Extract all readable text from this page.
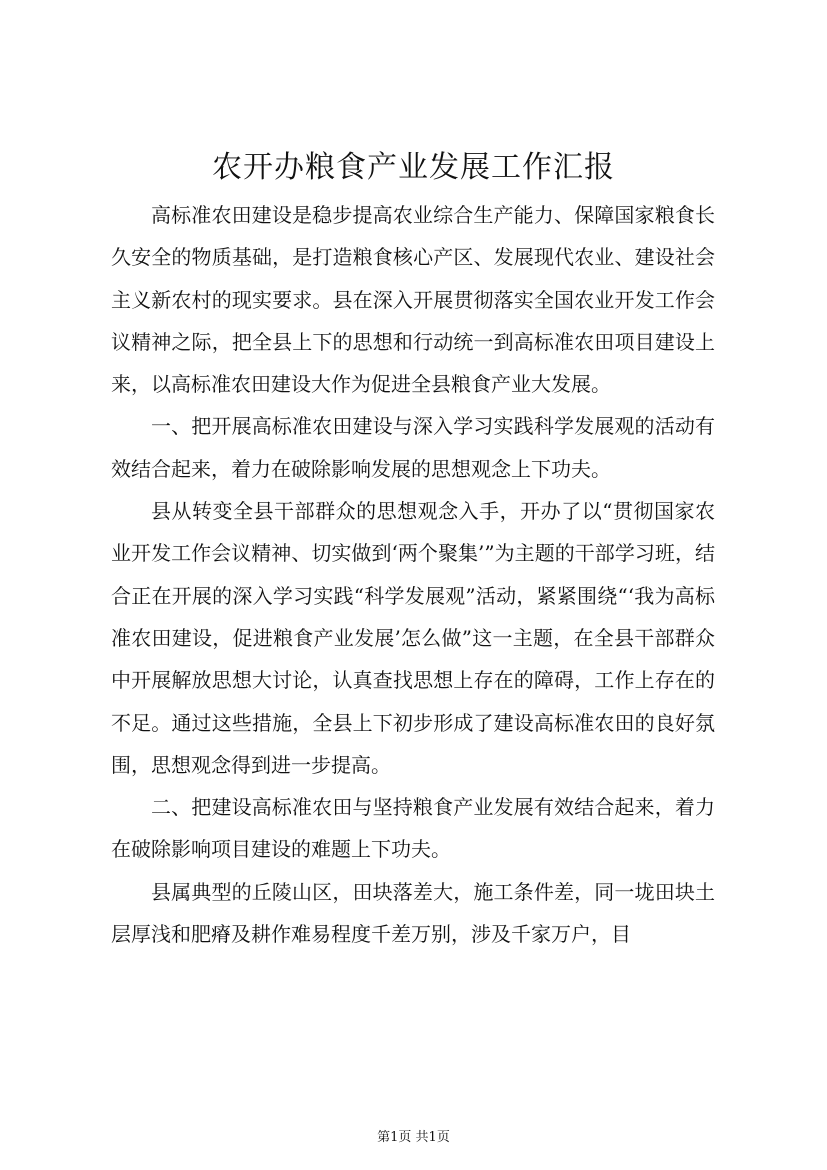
农开办粮食产业发展工作汇报

高标准农田建设是稳步提高农业综合生产能力、保障国家粮食长久安全的物质基础，是打造粮食核心产区、发展现代农业、建设社会主义新农村的现实要求。县在深入开展贯彻落实全国农业开发工作会议精神之际，把全县上下的思想和行动统一到高标准农田项目建设上来，以高标准农田建设大作为促进全县粮食产业大发展。

一、把开展高标准农田建设与深入学习实践科学发展观的活动有效结合起来，着力在破除影响发展的思想观念上下功夫。

县从转变全县干部群众的思想观念入手，开办了以“贯彻国家农业开发工作会议精神、切实做到‘两个聚集’”为主题的干部学习班，结合正在开展的深入学习实践“科学发展观”活动，紧紧围绕“‘我为高标准农田建设，促进粮食产业发展’怎么做”这一主题，在全县干部群众中开展解放思想大讨论，认真查找思想上存在的障碍，工作上存在的不足。通过这些措施，全县上下初步形成了建设高标准农田的良好氛围，思想观念得到进一步提高。

二、把建设高标准农田与坚持粮食产业发展有效结合起来，着力在破除影响项目建设的难题上下功夫。

县属典型的丘陵山区，田块落差大，施工条件差，同一垅田块土层厚浅和肥瘠及耕作难易程度千差万别，涉及千家万户，目

第1页 共1页
